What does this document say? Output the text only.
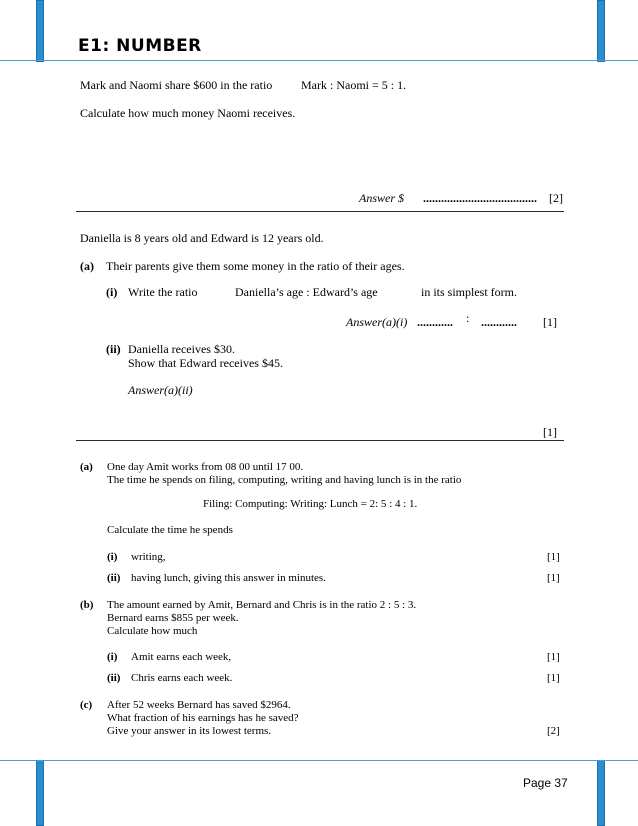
E1: NUMBER
Mark and Naomi share $600 in the ratio Mark : Naomi = 5 : 1.
Calculate how much money Naomi receives.
Answer $ ...................................... [2]
Daniella is 8 years old and Edward is 12 years old.
(a) Their parents give them some money in the ratio of their ages.
(i) Write the ratio	Daniella’s age : Edward’s age	in its simplest form.
Answer(a)(i) ............ : ............ [1]
(ii) Daniella receives $30.
Show that Edward receives $45.
Answer(a)(ii)
[1]
(a) One day Amit works from 08 00 until 17 00.
The time he spends on filing, computing, writing and having lunch is in the ratio
Filing: Computing: Writing: Lunch = 2: 5 : 4 : 1.
Calculate the time he spends
(i) writing,	[1]
(ii) having lunch, giving this answer in minutes.	[1]
(b) The amount earned by Amit, Bernard and Chris is in the ratio 2 : 5 : 3.
Bernard earns $855 per week.
Calculate how much
(i) Amit earns each week,	[1]
(ii) Chris earns each week.	[1]
(c) After 52 weeks Bernard has saved $2964.
What fraction of his earnings has he saved?
Give your answer in its lowest terms.	[2]
Page 37
